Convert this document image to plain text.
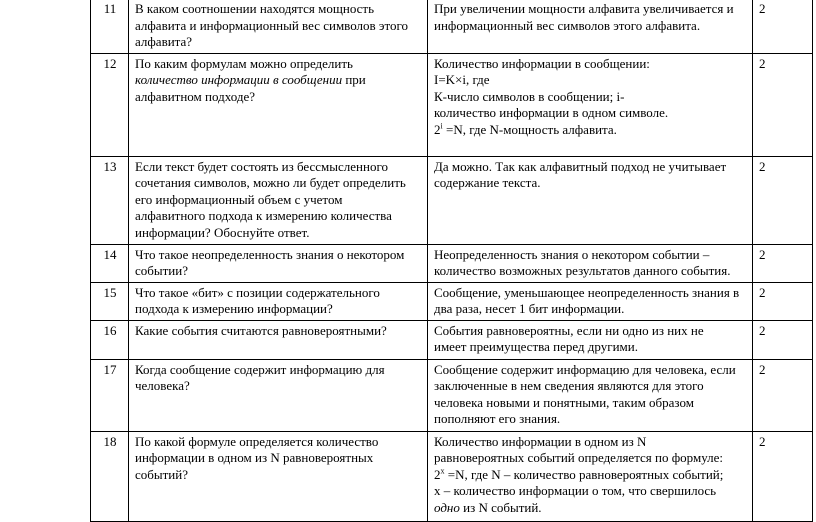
11	В каком соотношении находятся мощность
алфавита и информационный вес символов этого
алфавита?	При увеличении мощности алфавита увеличивается и
информационный вес символов этого алфавита.	2
12	По каким формулам можно определить
количество информации в сообщении при
алфавитном подходе?	Количество информации в сообщении:
I=K×i, где
К-число символов в сообщении; i-
количество информации в одном символе.
$2^i =N$, где N-мощность алфавита.	2
13	Если текст будет состоять из бессмысленного
сочетания символов, можно ли будет определить
его информационный объем с учетом
алфавитного подхода к измерению количества
информации? Обоснуйте ответ.	Да можно. Так как алфавитный подход не учитывает
содержание текста.	2
14	Что такое неопределенность знания о некотором
событии?	Неопределенность знания о некотором событии –
количество возможных результатов данного события.	2
15	Что такое «бит» с позиции содержательного
подхода к измерению информации?	Сообщение, уменьшающее неопределенность знания в
два раза, несет 1 бит информации.	2
16	Какие события считаются равновероятными?	События равновероятны, если ни одно из них не
имеет преимущества перед другими.	2
17	Когда сообщение содержит информацию для
человека?	Сообщение содержит информацию для человека, если
заключенные в нем сведения являются для этого
человека новыми и понятными, таким образом
пополняют его знания.	2
18	По какой формуле определяется количество
информации в одном из N равновероятных
событий?	Количество информации в одном из N
равновероятных событий определяется по формуле:
$2^x =N$, где N – количество равновероятных событий;
x – количество информации о том, что свершилось
одно из N событий.	2
